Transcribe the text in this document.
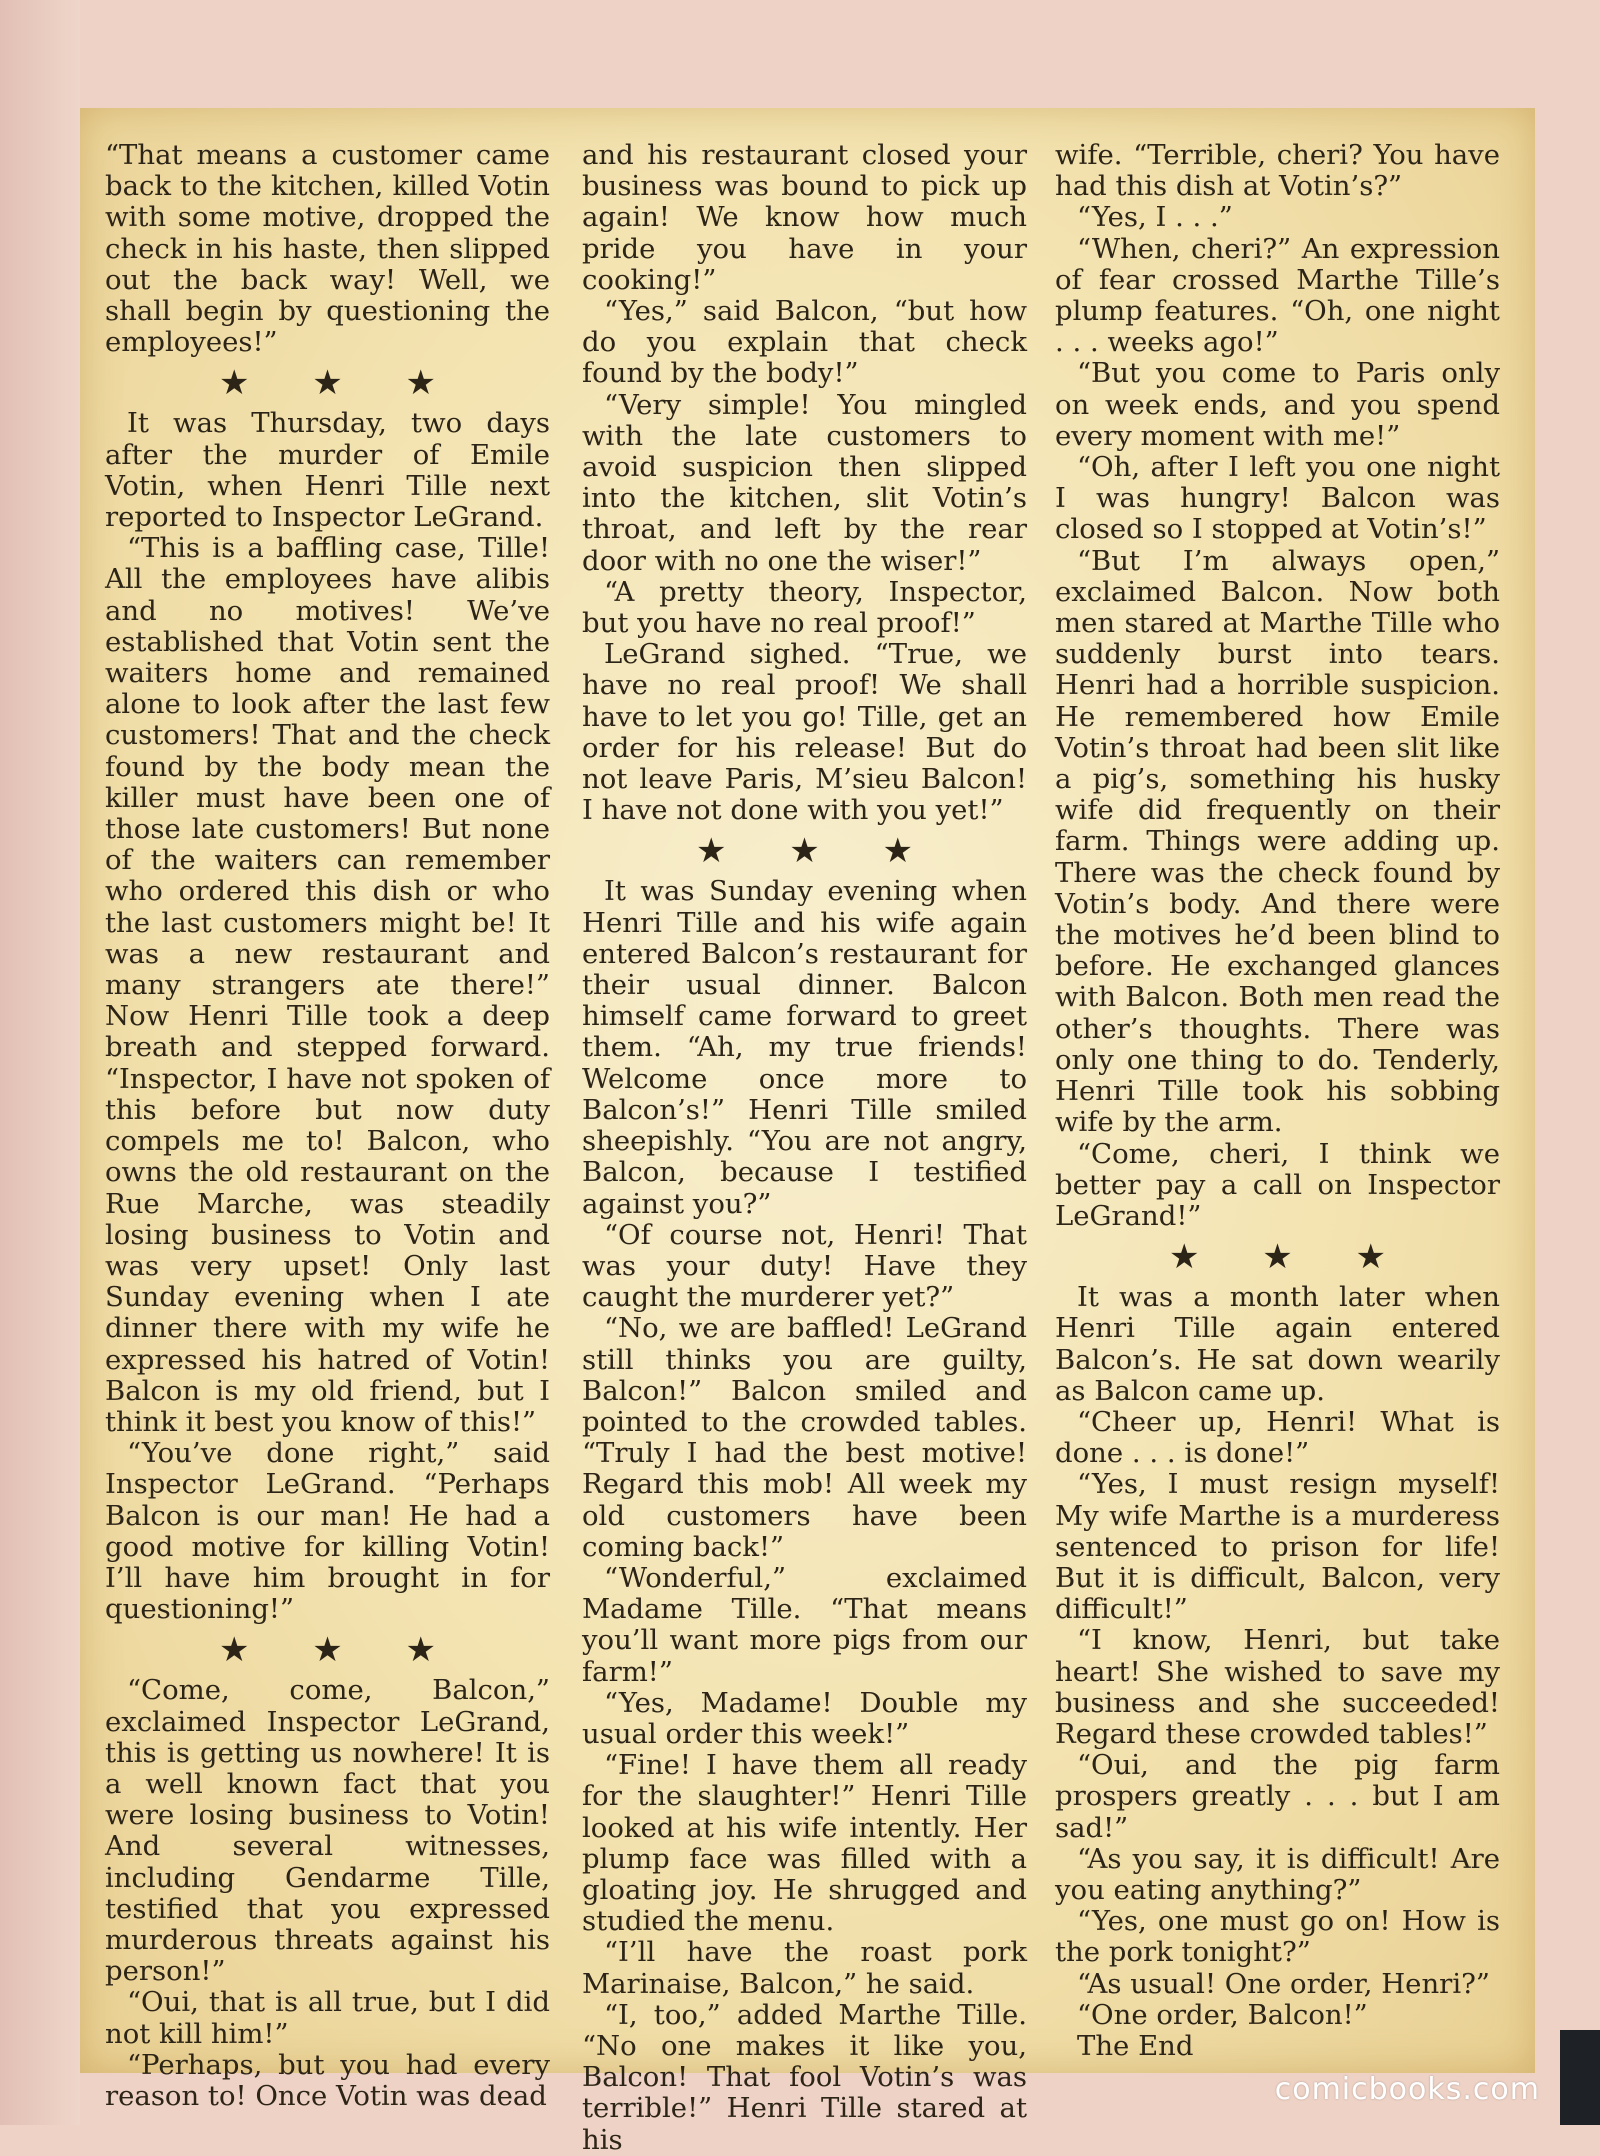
“That means a customer came back to the kitchen, killed Votin with some motive, dropped the check in his haste, then slipped out the back way! Well, we shall begin by questioning the employees!”

★ ★ ★

It was Thursday, two days after the murder of Emile Votin, when Henri Tille next reported to Inspector LeGrand.

“This is a baffling case, Tille! All the employees have alibis and no motives! We’ve established that Votin sent the waiters home and remained alone to look after the last few customers! That and the check found by the body mean the killer must have been one of those late customers! But none of the waiters can remember who ordered this dish or who the last customers might be! It was a new restaurant and many strangers ate there!” Now Henri Tille took a deep breath and stepped forward. “Inspector, I have not spoken of this before but now duty compels me to! Balcon, who owns the old restaurant on the Rue Marche, was steadily losing business to Votin and was very upset! Only last Sunday evening when I ate dinner there with my wife he expressed his hatred of Votin! Balcon is my old friend, but I think it best you know of this!”

“You’ve done right,” said Inspector LeGrand. “Perhaps Balcon is our man! He had a good motive for killing Votin! I’ll have him brought in for questioning!”

★ ★ ★

“Come, come, Balcon,” exclaimed Inspector LeGrand, this is getting us nowhere! It is a well known fact that you were losing business to Votin! And several witnesses, including Gendarme Tille, testified that you expressed murderous threats against his person!”

“Oui, that is all true, but I did not kill him!”

“Perhaps, but you had every reason to! Once Votin was dead

and his restaurant closed your business was bound to pick up again! We know how much pride you have in your cooking!”

“Yes,” said Balcon, “but how do you explain that check found by the body!”

“Very simple! You mingled with the late customers to avoid suspicion then slipped into the kitchen, slit Votin’s throat, and left by the rear door with no one the wiser!”

“A pretty theory, Inspector, but you have no real proof!”

LeGrand sighed. “True, we have no real proof! We shall have to let you go! Tille, get an order for his release! But do not leave Paris, M’sieu Balcon! I have not done with you yet!”

★ ★ ★

It was Sunday evening when Henri Tille and his wife again entered Balcon’s restaurant for their usual dinner. Balcon himself came forward to greet them. “Ah, my true friends! Welcome once more to Balcon’s!” Henri Tille smiled sheepishly. “You are not angry, Balcon, because I testified against you?”

“Of course not, Henri! That was your duty! Have they caught the murderer yet?”

“No, we are baffled! LeGrand still thinks you are guilty, Balcon!” Balcon smiled and pointed to the crowded tables. “Truly I had the best motive! Regard this mob! All week my old customers have been coming back!”

“Wonderful,” exclaimed Madame Tille. “That means you’ll want more pigs from our farm!”

“Yes, Madame! Double my usual order this week!”

“Fine! I have them all ready for the slaughter!” Henri Tille looked at his wife intently. Her plump face was filled with a gloating joy. He shrugged and studied the menu.

“I’ll have the roast pork Marinaise, Balcon,” he said.

“I, too,” added Marthe Tille. “No one makes it like you, Balcon! That fool Votin’s was terrible!” Henri Tille stared at his

wife. “Terrible, cheri? You have had this dish at Votin’s?”

“Yes, I . . .”

“When, cheri?” An expression of fear crossed Marthe Tille’s plump features. “Oh, one night . . . weeks ago!”

“But you come to Paris only on week ends, and you spend every moment with me!”

“Oh, after I left you one night I was hungry! Balcon was closed so I stopped at Votin’s!”

“But I’m always open,” exclaimed Balcon. Now both men stared at Marthe Tille who suddenly burst into tears. Henri had a horrible suspicion. He remembered how Emile Votin’s throat had been slit like a pig’s, something his husky wife did frequently on their farm. Things were adding up. There was the check found by Votin’s body. And there were the motives he’d been blind to before. He exchanged glances with Balcon. Both men read the other’s thoughts. There was only one thing to do. Tenderly, Henri Tille took his sobbing wife by the arm.

“Come, cheri, I think we better pay a call on Inspector LeGrand!”

★ ★ ★

It was a month later when Henri Tille again entered Balcon’s. He sat down wearily as Balcon came up.

“Cheer up, Henri! What is done . . . is done!”

“Yes, I must resign myself! My wife Marthe is a murderess sentenced to prison for life! But it is difficult, Balcon, very difficult!”

“I know, Henri, but take heart! She wished to save my business and she succeeded! Regard these crowded tables!”

“Oui, and the pig farm prospers greatly . . . but I am sad!”

“As you say, it is difficult! Are you eating anything?”

“Yes, one must go on! How is the pork tonight?”

“As usual! One order, Henri?”

“One order, Balcon!”

The End

comicbooks.com
